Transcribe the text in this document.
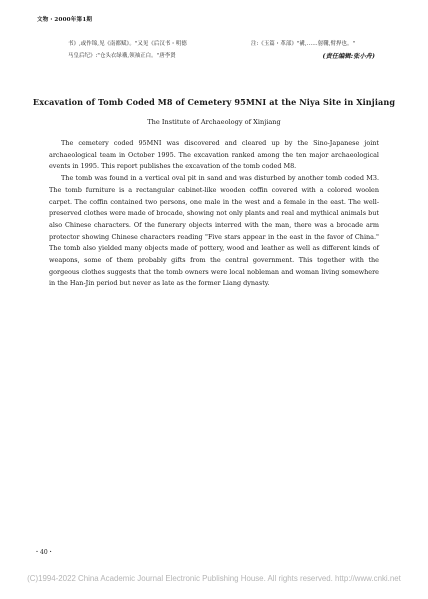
文物・2000年第1期
书》,或作锦,见《南都赋》。"又见《后汉书・明德
马皇后纪》:"仓头衣绿褠,领袖正白。"唐李贤
注:《玉篇・革部》"褠,……射鞲,臂捍也。"
(责任编辑:张小舟)
Excavation of Tomb Coded M8 of Cemetery 95MNI at the Niya Site in Xinjiang
The Institute of Archaeology of Xinjiang

The cemetery coded 95MNI was discovered and cleared up by the Sino-Japanese joint archaeological team in October 1995. The excavation ranked among the ten major archaeological events in 1995. This report publishes the excavation of the tomb coded M8.

The tomb was found in a vertical oval pit in sand and was disturbed by another tomb coded M3. The tomb furniture is a rectangular cabinet-like wooden coffin covered with a colored woolen carpet. The coffin contained two persons, one male in the west and a female in the east. The well-preserved clothes were made of brocade, showing not only plants and real and mythical animals but also Chinese characters. Of the funerary objects interred with the man, there was a brocade arm protector showing Chinese characters reading "Five stars appear in the east in the favor of China." The tomb also yielded many objects made of pottery, wood and leather as well as different kinds of weapons, some of them probably gifts from the central government. This together with the gorgeous clothes suggests that the tomb owners were local nobleman and woman living somewhere in the Han-Jin period but never as late as the former Liang dynasty.

・40・
(C)1994-2022 China Academic Journal Electronic Publishing House. All rights reserved. http://www.cnki.net
